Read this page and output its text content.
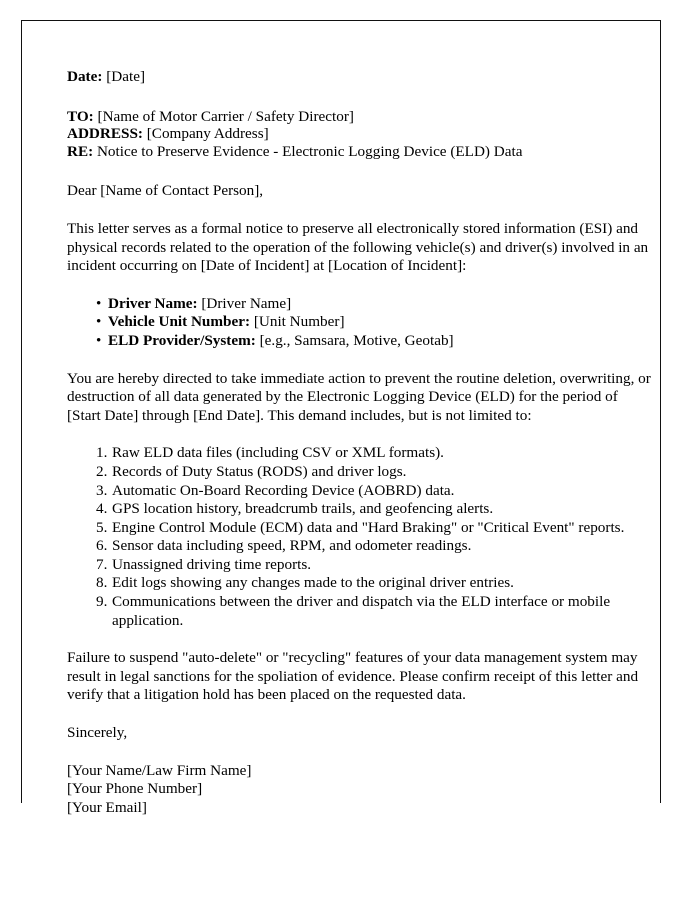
Date: [Date]
TO: [Name of Motor Carrier / Safety Director]
ADDRESS: [Company Address]
RE: Notice to Preserve Evidence - Electronic Logging Device (ELD) Data
Dear [Name of Contact Person],
This letter serves as a formal notice to preserve all electronically stored information (ESI) and physical records related to the operation of the following vehicle(s) and driver(s) involved in an incident occurring on [Date of Incident] at [Location of Incident]:
• Driver Name: [Driver Name]
• Vehicle Unit Number: [Unit Number]
• ELD Provider/System: [e.g., Samsara, Motive, Geotab]
You are hereby directed to take immediate action to prevent the routine deletion, overwriting, or destruction of all data generated by the Electronic Logging Device (ELD) for the period of [Start Date] through [End Date]. This demand includes, but is not limited to:
Raw ELD data files (including CSV or XML formats).
Records of Duty Status (RODS) and driver logs.
Automatic On-Board Recording Device (AOBRD) data.
GPS location history, breadcrumb trails, and geofencing alerts.
Engine Control Module (ECM) data and "Hard Braking" or "Critical Event" reports.
Sensor data including speed, RPM, and odometer readings.
Unassigned driving time reports.
Edit logs showing any changes made to the original driver entries.
Communications between the driver and dispatch via the ELD interface or mobile application.
Failure to suspend "auto-delete" or "recycling" features of your data management system may result in legal sanctions for the spoliation of evidence. Please confirm receipt of this letter and verify that a litigation hold has been placed on the requested data.
Sincerely,
[Your Name/Law Firm Name]
[Your Phone Number]
[Your Email]
